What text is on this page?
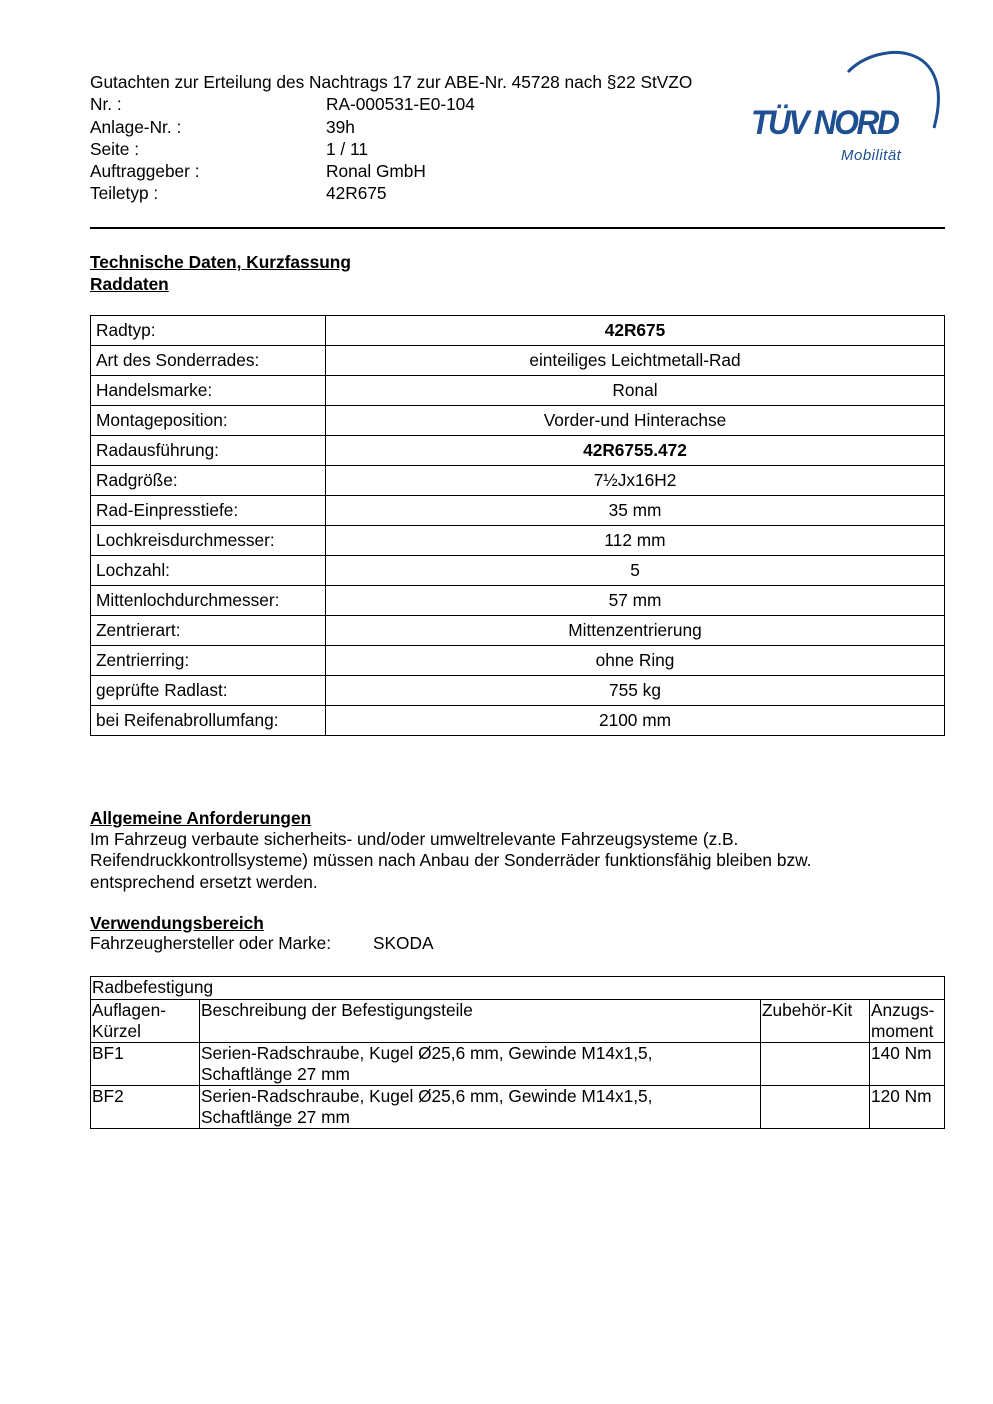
Gutachten zur Erteilung des Nachtrags 17 zur ABE-Nr. 45728 nach §22 StVZO
Nr. :	RA-000531-E0-104
Anlage-Nr. :	39h
Seite :	1 / 11
Auftraggeber :	Ronal GmbH
Teiletyp :	42R675
TÜV NORD
Mobilität
Technische Daten, Kurzfassung
Raddaten
Radtyp:	42R675
Art des Sonderrades:	einteiliges Leichtmetall-Rad
Handelsmarke:	Ronal
Montageposition:	Vorder-und Hinterachse
Radausführung:	42R6755.472
Radgröße:	7½Jx16H2
Rad-Einpresstiefe:	35 mm
Lochkreisdurchmesser:	112 mm
Lochzahl:	5
Mittenlochdurchmesser:	57 mm
Zentrierart:	Mittenzentrierung
Zentrierring:	ohne Ring
geprüfte Radlast:	755 kg
bei Reifenabrollumfang:	2100 mm
Allgemeine Anforderungen
Im Fahrzeug verbaute sicherheits- und/oder umweltrelevante Fahrzeugsysteme (z.B.
Reifendruckkontrollsysteme) müssen nach Anbau der Sonderräder funktionsfähig bleiben bzw.
entsprechend ersetzt werden.
Verwendungsbereich
Fahrzeughersteller oder Marke:	SKODA
Radbefestigung			
Auflagen-
Kürzel	Beschreibung der Befestigungsteile	Zubehör-Kit	Anzugs-
moment
BF1	Serien-Radschraube, Kugel Ø25,6 mm, Gewinde M14x1,5,
Schaftlänge 27 mm		140 Nm
BF2	Serien-Radschraube, Kugel Ø25,6 mm, Gewinde M14x1,5,
Schaftlänge 27 mm		120 Nm
